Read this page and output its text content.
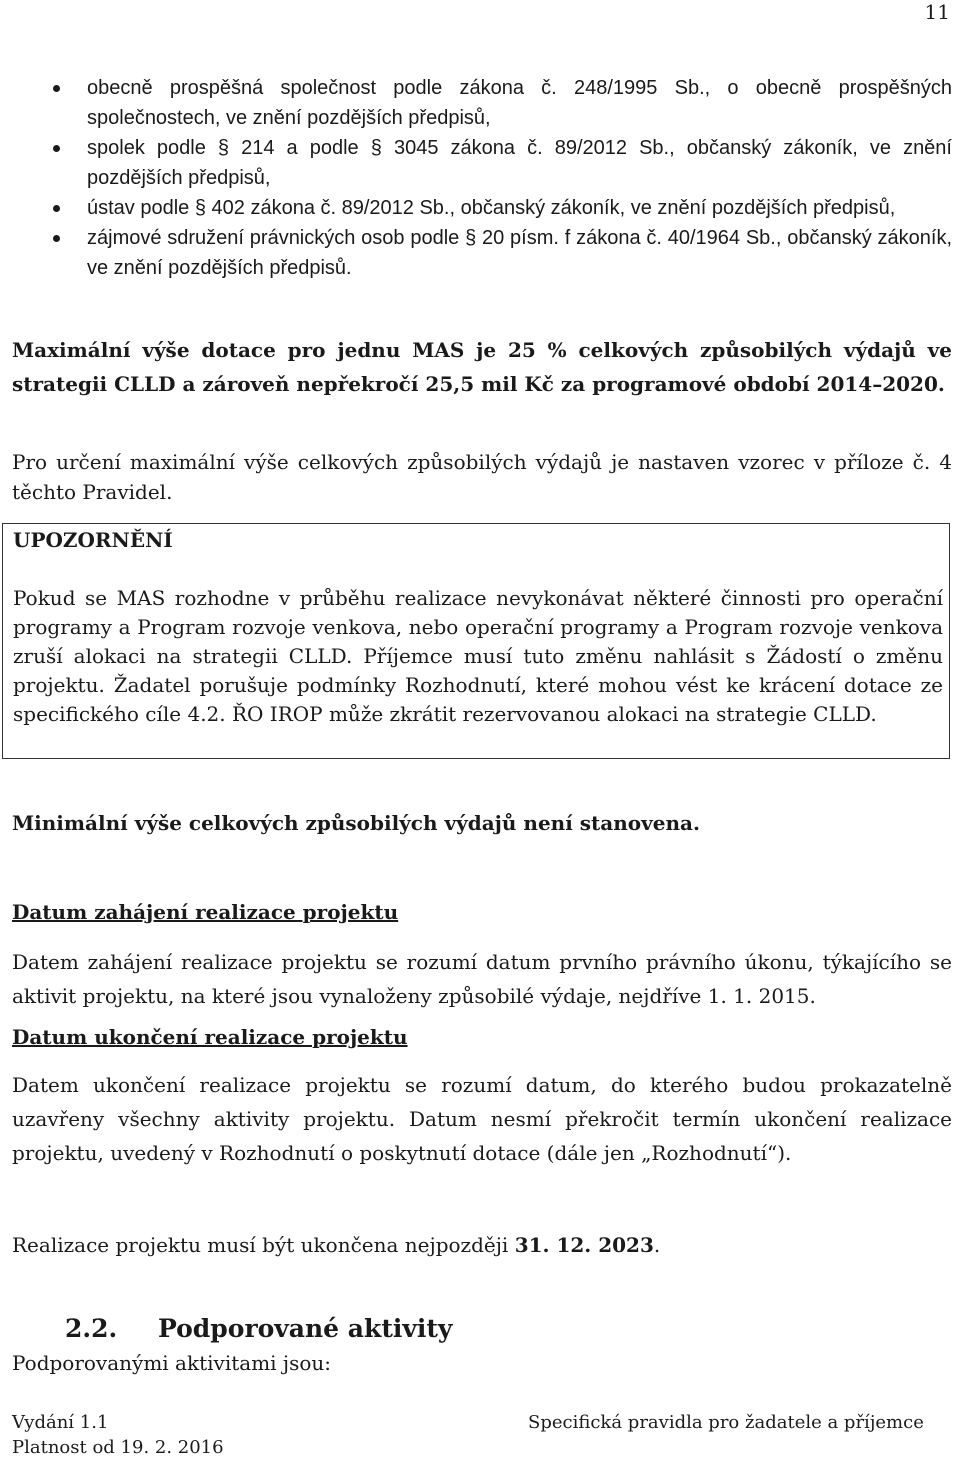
11
obecně prospěšná společnost podle zákona č. 248/1995 Sb., o obecně prospěšných společnostech, ve znění pozdějších předpisů,
spolek podle § 214 a podle § 3045 zákona č. 89/2012 Sb., občanský zákoník, ve znění pozdějších předpisů,
ústav podle § 402 zákona č. 89/2012 Sb., občanský zákoník, ve znění pozdějších předpisů,
zájmové sdružení právnických osob podle § 20 písm. f zákona č. 40/1964 Sb., občanský zákoník, ve znění pozdějších předpisů.

Maximální výše dotace pro jednu MAS je 25 % celkových způsobilých výdajů ve strategii CLLD a zároveň nepřekročí 25,5 mil Kč za programové období 2014–2020.

Pro určení maximální výše celkových způsobilých výdajů je nastaven vzorec v příloze č. 4 těchto Pravidel.

UPOZORNĚNÍ

Pokud se MAS rozhodne v průběhu realizace nevykonávat některé činnosti pro operační programy a Program rozvoje venkova, nebo operační programy a Program rozvoje venkova zruší alokaci na strategii CLLD. Příjemce musí tuto změnu nahlásit s Žádostí o změnu projektu. Žadatel porušuje podmínky Rozhodnutí, které mohou vést ke krácení dotace ze specifického cíle 4.2. ŘO IROP může zkrátit rezervovanou alokaci na strategie CLLD.

Minimální výše celkových způsobilých výdajů není stanovena.

Datum zahájení realizace projektu

Datem zahájení realizace projektu se rozumí datum prvního právního úkonu, týkajícího se aktivit projektu, na které jsou vynaloženy způsobilé výdaje, nejdříve 1. 1. 2015.

Datum ukončení realizace projektu

Datem ukončení realizace projektu se rozumí datum, do kterého budou prokazatelně uzavřeny všechny aktivity projektu. Datum nesmí překročit termín ukončení realizace projektu, uvedený v Rozhodnutí o poskytnutí dotace (dále jen „Rozhodnutí“).

Realizace projektu musí být ukončena nejpozději 31. 12. 2023.

2.2. Podporované aktivity

Podporovanými aktivitami jsou:

Vydání 1.1
Platnost od 19. 2. 2016
Specifická pravidla pro žadatele a příjemce
